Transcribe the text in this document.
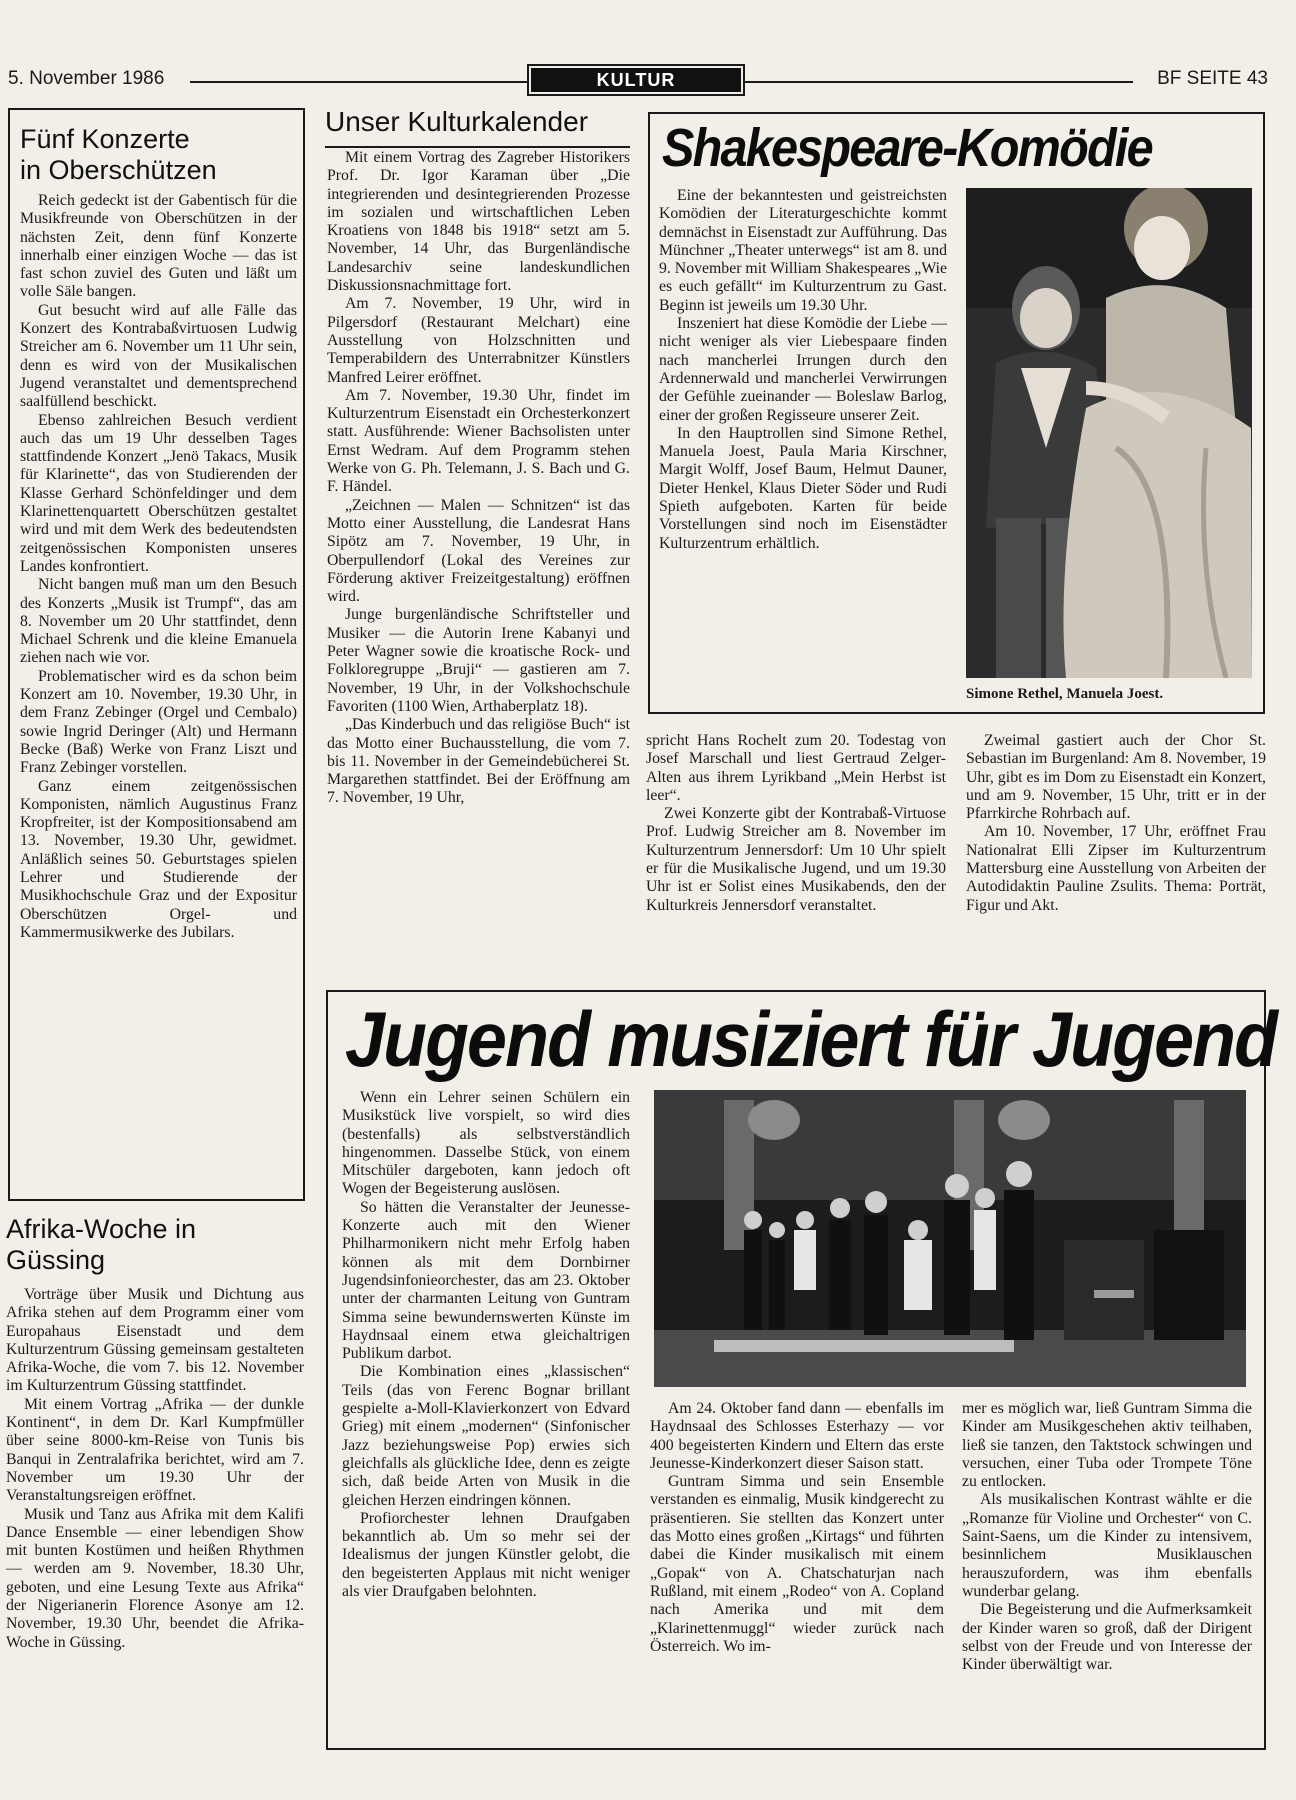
5. November 1986	KULTUR	BF SEITE 43
Fünf Konzerte
in Oberschützen

Reich gedeckt ist der Gabentisch für die Musikfreunde von Oberschützen in der nächsten Zeit, denn fünf Konzerte innerhalb einer einzigen Woche — das ist fast schon zuviel des Guten und läßt um volle Säle bangen.

Gut besucht wird auf alle Fälle das Konzert des Kontrabaßvirtuosen Ludwig Streicher am 6. November um 11 Uhr sein, denn es wird von der Musikalischen Jugend veranstaltet und dementsprechend saalfüllend beschickt.

Ebenso zahlreichen Besuch verdient auch das um 19 Uhr desselben Tages stattfindende Konzert „Jenö Takacs, Musik für Klarinette“, das von Studierenden der Klasse Gerhard Schönfeldinger und dem Klarinettenquartett Oberschützen gestaltet wird und mit dem Werk des bedeutendsten zeitgenössischen Komponisten unseres Landes konfrontiert.

Nicht bangen muß man um den Besuch des Konzerts „Musik ist Trumpf“, das am 8. November um 20 Uhr stattfindet, denn Michael Schrenk und die kleine Emanuela ziehen nach wie vor.

Problematischer wird es da schon beim Konzert am 10. November, 19.30 Uhr, in dem Franz Zebinger (Orgel und Cembalo) sowie Ingrid Deringer (Alt) und Hermann Becke (Baß) Werke von Franz Liszt und Franz Zebinger vorstellen.

Ganz einem zeitgenössischen Komponisten, nämlich Augustinus Franz Kropfreiter, ist der Kompositionsabend am 13. November, 19.30 Uhr, gewidmet. Anläßlich seines 50. Geburtstages spielen Lehrer und Studierende der Musikhochschule Graz und der Expositur Oberschützen Orgel- und Kammermusikwerke des Jubilars.

Afrika-Woche in
Güssing

Vorträge über Musik und Dichtung aus Afrika stehen auf dem Programm einer vom Europahaus Eisenstadt und dem Kulturzentrum Güssing gemeinsam gestalteten Afrika-Woche, die vom 7. bis 12. November im Kulturzentrum Güssing stattfindet.

Mit einem Vortrag „Afrika — der dunkle Kontinent“, in dem Dr. Karl Kumpfmüller über seine 8000-km-Reise von Tunis bis Banqui in Zentralafrika berichtet, wird am 7. November um 19.30 Uhr der Veranstaltungsreigen eröffnet.

Musik und Tanz aus Afrika mit dem Kalifi Dance Ensemble — einer lebendigen Show mit bunten Kostümen und heißen Rhythmen — werden am 9. November, 18.30 Uhr, geboten, und eine Lesung Texte aus Afrika“ der Nigerianerin Florence Asonye am 12. November, 19.30 Uhr, beendet die Afrika-Woche in Güssing.

Unser Kulturkalender

Mit einem Vortrag des Zagreber Historikers Prof. Dr. Igor Karaman über „Die integrierenden und desintegrierenden Prozesse im sozialen und wirtschaftlichen Leben Kroatiens von 1848 bis 1918“ setzt am 5. November, 14 Uhr, das Burgenländische Landesarchiv seine landeskundlichen Diskussionsnachmittage fort.

Am 7. November, 19 Uhr, wird in Pilgersdorf (Restaurant Melchart) eine Ausstellung von Holzschnitten und Temperabildern des Unterrabnitzer Künstlers Manfred Leirer eröffnet.

Am 7. November, 19.30 Uhr, findet im Kulturzentrum Eisenstadt ein Orchesterkonzert statt. Ausführende: Wiener Bachsolisten unter Ernst Wedram. Auf dem Programm stehen Werke von G. Ph. Telemann, J. S. Bach und G. F. Händel.

„Zeichnen — Malen — Schnitzen“ ist das Motto einer Ausstellung, die Landesrat Hans Sipötz am 7. November, 19 Uhr, in Oberpullendorf (Lokal des Vereines zur Förderung aktiver Freizeitgestaltung) eröffnen wird.

Junge burgenländische Schriftsteller und Musiker — die Autorin Irene Kabanyi und Peter Wagner sowie die kroatische Rock- und Folkloregruppe „Bruji“ — gastieren am 7. November, 19 Uhr, in der Volkshochschule Favoriten (1100 Wien, Arthaberplatz 18).

„Das Kinderbuch und das religiöse Buch“ ist das Motto einer Buchausstellung, die vom 7. bis 11. November in der Gemeindebücherei St. Margarethen stattfindet. Bei der Eröffnung am 7. November, 19 Uhr,

spricht Hans Rochelt zum 20. Todestag von Josef Marschall und liest Gertraud Zelger-Alten aus ihrem Lyrikband „Mein Herbst ist leer“.

Zwei Konzerte gibt der Kontrabaß-Virtuose Prof. Ludwig Streicher am 8. November im Kulturzentrum Jennersdorf: Um 10 Uhr spielt er für die Musikalische Jugend, und um 19.30 Uhr ist er Solist eines Musikabends, den der Kulturkreis Jennersdorf veranstaltet.

Zweimal gastiert auch der Chor St. Sebastian im Burgenland: Am 8. November, 19 Uhr, gibt es im Dom zu Eisenstadt ein Konzert, und am 9. November, 15 Uhr, tritt er in der Pfarrkirche Rohrbach auf.

Am 10. November, 17 Uhr, eröffnet Frau Nationalrat Elli Zipser im Kulturzentrum Mattersburg eine Ausstellung von Arbeiten der Autodidaktin Pauline Zsulits. Thema: Porträt, Figur und Akt.

Shakespeare-Komödie

Eine der bekanntesten und geistreichsten Komödien der Literaturgeschichte kommt demnächst in Eisenstadt zur Aufführung. Das Münchner „Theater unterwegs“ ist am 8. und 9. November mit William Shakespeares „Wie es euch gefällt“ im Kulturzentrum zu Gast. Beginn ist jeweils um 19.30 Uhr.

Inszeniert hat diese Komödie der Liebe — nicht weniger als vier Liebespaare finden nach mancherlei Irrungen durch den Ardennerwald und mancherlei Verwirrungen der Gefühle zueinander — Boleslaw Barlog, einer der großen Regisseure unserer Zeit.

In den Hauptrollen sind Simone Rethel, Manuela Joest, Paula Maria Kirschner, Margit Wolff, Josef Baum, Helmut Dauner, Dieter Henkel, Klaus Dieter Söder und Rudi Spieth aufgeboten. Karten für beide Vorstellungen sind noch im Eisenstädter Kulturzentrum erhältlich.

Simone Rethel, Manuela Joest.
Jugend musiziert für Jugend

Wenn ein Lehrer seinen Schülern ein Musikstück live vorspielt, so wird dies (bestenfalls) als selbstverständlich hingenommen. Dasselbe Stück, von einem Mitschüler dargeboten, kann jedoch oft Wogen der Begeisterung auslösen.

So hätten die Veranstalter der Jeunesse-Konzerte auch mit den Wiener Philharmonikern nicht mehr Erfolg haben können als mit dem Dornbirner Jugendsinfonieorchester, das am 23. Oktober unter der charmanten Leitung von Guntram Simma seine bewundernswerten Künste im Haydnsaal einem etwa gleichaltrigen Publikum darbot.

Die Kombination eines „klassischen“ Teils (das von Ferenc Bognar brillant gespielte a-Moll-Klavierkonzert von Edvard Grieg) mit einem „modernen“ (Sinfonischer Jazz beziehungsweise Pop) erwies sich gleichfalls als glückliche Idee, denn es zeigte sich, daß beide Arten von Musik in die gleichen Herzen eindringen können.

Profiorchester lehnen Draufgaben bekanntlich ab. Um so mehr sei der Idealismus der jungen Künstler gelobt, die den begeisterten Applaus mit nicht weniger als vier Draufgaben belohnten.

Am 24. Oktober fand dann — ebenfalls im Haydnsaal des Schlosses Esterhazy — vor 400 begeisterten Kindern und Eltern das erste Jeunesse-Kinderkonzert dieser Saison statt.

Guntram Simma und sein Ensemble verstanden es einmalig, Musik kindgerecht zu präsentieren. Sie stellten das Konzert unter das Motto eines großen „Kirtags“ und führten dabei die Kinder musikalisch mit einem „Gopak“ von A. Chatschaturjan nach Rußland, mit einem „Rodeo“ von A. Copland nach Amerika und mit dem „Klarinettenmuggl“ wieder zurück nach Österreich. Wo im-

mer es möglich war, ließ Guntram Simma die Kinder am Musikgeschehen aktiv teilhaben, ließ sie tanzen, den Taktstock schwingen und versuchen, einer Tuba oder Trompete Töne zu entlocken.

Als musikalischen Kontrast wählte er die „Romanze für Violine und Orchester“ von C. Saint-Saens, um die Kinder zu intensivem, besinnlichem Musiklauschen herauszufordern, was ihm ebenfalls wunderbar gelang.

Die Begeisterung und die Aufmerksamkeit der Kinder waren so groß, daß der Dirigent selbst von der Freude und von Interesse der Kinder überwältigt war.
